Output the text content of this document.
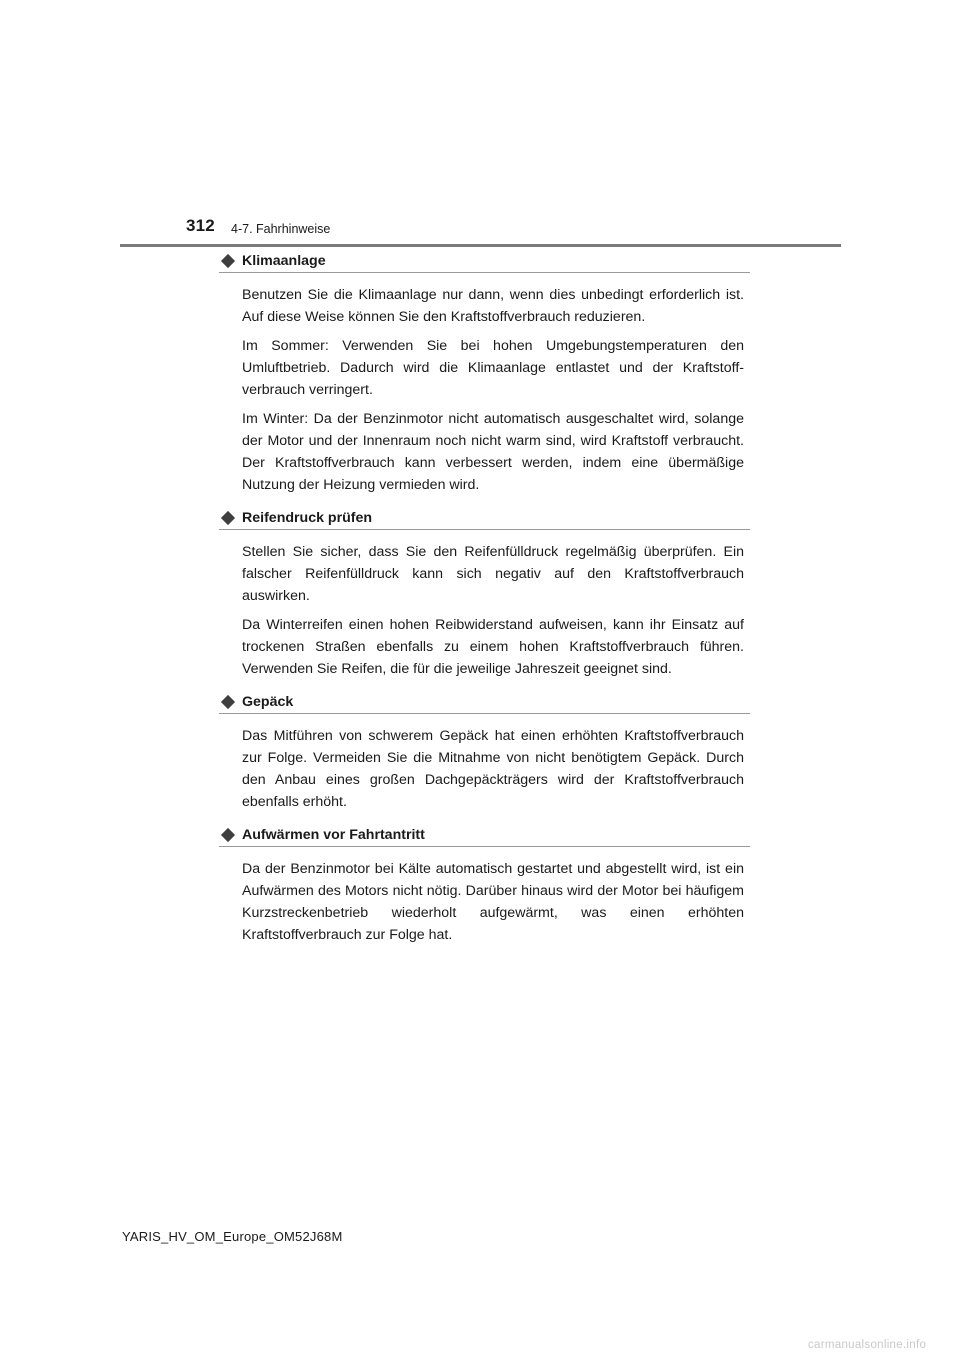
312 4-7. Fahrhinweise
Klimaanlage

Benutzen Sie die Klimaanlage nur dann, wenn dies unbedingt erforderlich ist. Auf diese Weise können Sie den Kraftstoffverbrauch reduzieren.

Im Sommer: Verwenden Sie bei hohen Umgebungstemperaturen den Umluftbetrieb. Dadurch wird die Klimaanlage entlastet und der Kraftstoffverbrauch verringert.

Im Winter: Da der Benzinmotor nicht automatisch ausgeschaltet wird, solange der Motor und der Innenraum noch nicht warm sind, wird Kraftstoff verbraucht. Der Kraftstoffverbrauch kann verbessert werden, indem eine übermäßige Nutzung der Heizung vermieden wird.

Reifendruck prüfen

Stellen Sie sicher, dass Sie den Reifenfülldruck regelmäßig überprüfen. Ein falscher Reifenfülldruck kann sich negativ auf den Kraftstoffverbrauch auswirken.

Da Winterreifen einen hohen Reibwiderstand aufweisen, kann ihr Einsatz auf trockenen Straßen ebenfalls zu einem hohen Kraftstoffverbrauch führen. Verwenden Sie Reifen, die für die jeweilige Jahreszeit geeignet sind.

Gepäck

Das Mitführen von schwerem Gepäck hat einen erhöhten Kraftstoffverbrauch zur Folge. Vermeiden Sie die Mitnahme von nicht benötigtem Gepäck. Durch den Anbau eines großen Dachgepäckträgers wird der Kraftstoffverbrauch ebenfalls erhöht.

Aufwärmen vor Fahrtantritt

Da der Benzinmotor bei Kälte automatisch gestartet und abgestellt wird, ist ein Aufwärmen des Motors nicht nötig. Darüber hinaus wird der Motor bei häufigem Kurzstreckenbetrieb wiederholt aufgewärmt, was einen erhöhten Kraftstoffverbrauch zur Folge hat.

YARIS_HV_OM_Europe_OM52J68M
carmanualsonline.info
